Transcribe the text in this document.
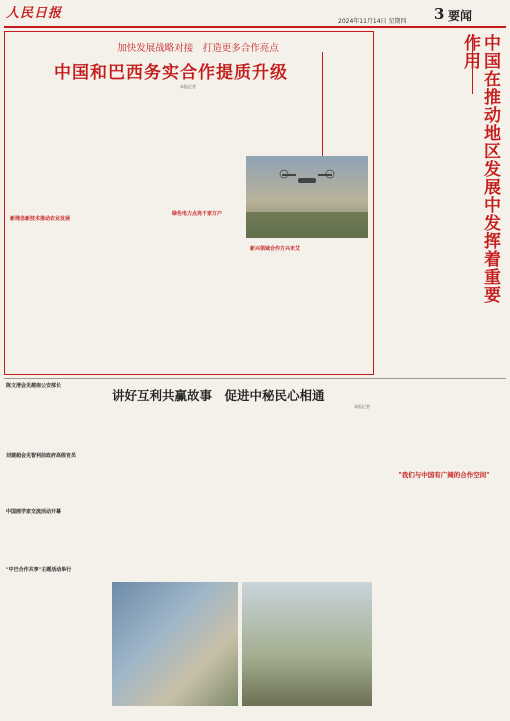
人民日报
2024年11月14日 星期四 3 要闻
加快发展战略对接　打造更多合作亮点
中国和巴西务实合作提质升级
本报记者　　　　　
新理念新技术推动农业发展
绿色电力点亮千家万户
新兴领域合作方兴未艾	中国在推动地区发展中发挥着重要作用
陈文清会见越南公安部长
刘建超会见智利前政府高级官员
中国画学家交流活动开幕
"中巴合作共享"主题活动举行
讲好互利共赢故事　促进中秘民心相通
本报记者　　
"我们与中国有广阔的合作空间"
